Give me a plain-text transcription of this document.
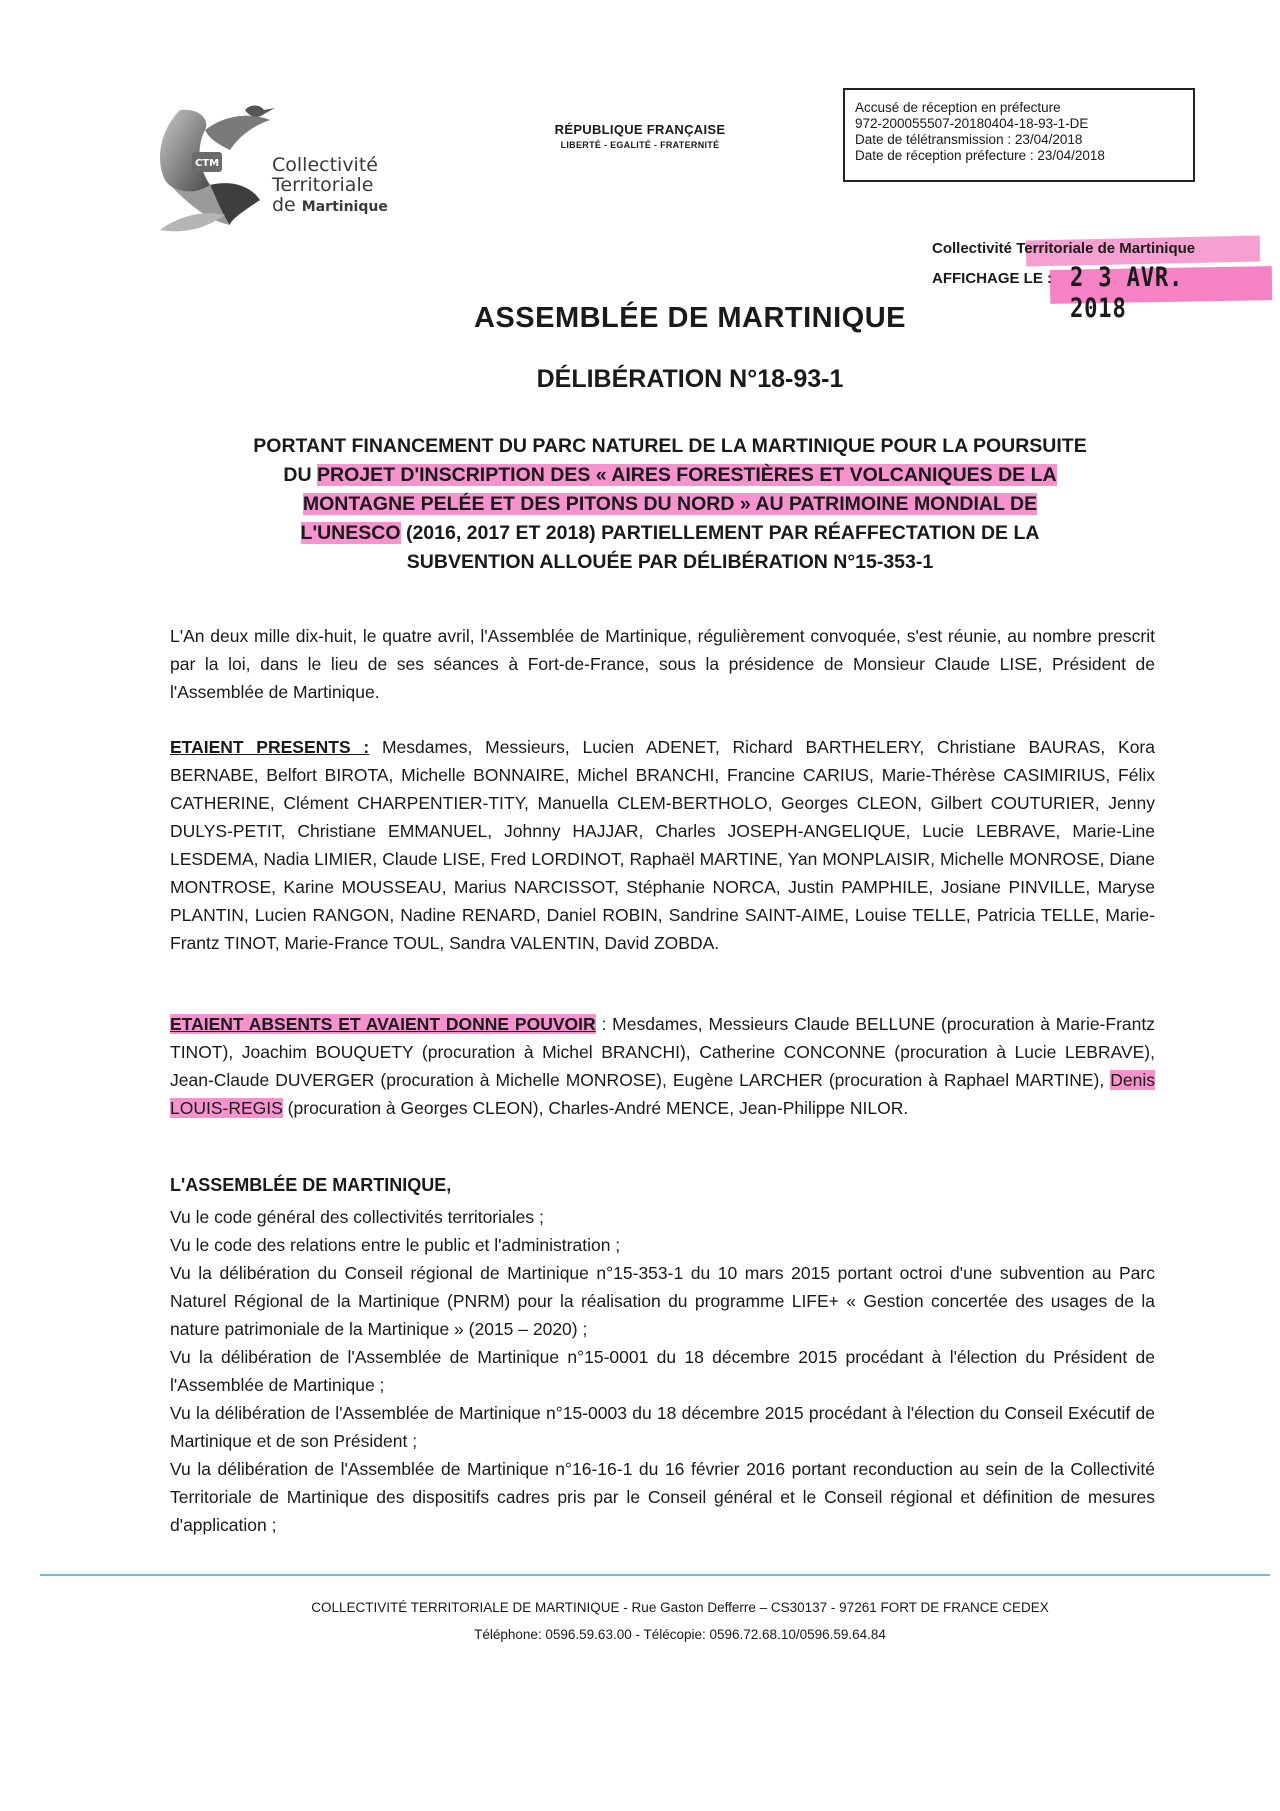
CTM	Collectivité
Territoriale
de Martinique
RÉPUBLIQUE FRANÇAISE
LIBERTÉ - EGALITÉ - FRATERNITÉ
Accusé de réception en préfecture
972-200055507-20180404-18-93-1-DE
Date de télétransmission : 23/04/2018
Date de réception préfecture : 23/04/2018
Collectivité Territoriale de Martinique
AFFICHAGE LE : 2 3 AVR. 2018
ASSEMBLÉE DE MARTINIQUE
DÉLIBÉRATION N°18-93-1
PORTANT FINANCEMENT DU PARC NATUREL DE LA MARTINIQUE POUR LA POURSUITE
DU PROJET D'INSCRIPTION DES « AIRES FORESTIÈRES ET VOLCANIQUES DE LA
MONTAGNE PELÉE ET DES PITONS DU NORD » AU PATRIMOINE MONDIAL DE
L'UNESCO (2016, 2017 ET 2018) PARTIELLEMENT PAR RÉAFFECTATION DE LA
SUBVENTION ALLOUÉE PAR DÉLIBÉRATION N°15-353-1
L'An deux mille dix-huit, le quatre avril, l'Assemblée de Martinique, régulièrement convoquée, s'est réunie, au nombre prescrit par la loi, dans le lieu de ses séances à Fort-de-France, sous la présidence de Monsieur Claude LISE, Président de l'Assemblée de Martinique.
ETAIENT PRESENTS : Mesdames, Messieurs, Lucien ADENET, Richard BARTHELERY, Christiane BAURAS, Kora BERNABE, Belfort BIROTA, Michelle BONNAIRE, Michel BRANCHI, Francine CARIUS, Marie-Thérèse CASIMIRIUS, Félix CATHERINE, Clément CHARPENTIER-TITY, Manuella CLEM-BERTHOLO, Georges CLEON, Gilbert COUTURIER, Jenny DULYS-PETIT, Christiane EMMANUEL, Johnny HAJJAR, Charles JOSEPH-ANGELIQUE, Lucie LEBRAVE, Marie-Line LESDEMA, Nadia LIMIER, Claude LISE, Fred LORDINOT, Raphaël MARTINE, Yan MONPLAISIR, Michelle MONROSE, Diane MONTROSE, Karine MOUSSEAU, Marius NARCISSOT, Stéphanie NORCA, Justin PAMPHILE, Josiane PINVILLE, Maryse PLANTIN, Lucien RANGON, Nadine RENARD, Daniel ROBIN, Sandrine SAINT-AIME, Louise TELLE, Patricia TELLE, Marie-Frantz TINOT, Marie-France TOUL, Sandra VALENTIN, David ZOBDA.
ETAIENT ABSENTS ET AVAIENT DONNE POUVOIR : Mesdames, Messieurs Claude BELLUNE (procuration à Marie-Frantz TINOT), Joachim BOUQUETY (procuration à Michel BRANCHI), Catherine CONCONNE (procuration à Lucie LEBRAVE), Jean-Claude DUVERGER (procuration à Michelle MONROSE), Eugène LARCHER (procuration à Raphael MARTINE), Denis LOUIS-REGIS (procuration à Georges CLEON), Charles-André MENCE, Jean-Philippe NILOR.
L'ASSEMBLÉE DE MARTINIQUE,
Vu le code général des collectivités territoriales ;
Vu le code des relations entre le public et l'administration ;
Vu la délibération du Conseil régional de Martinique n°15-353-1 du 10 mars 2015 portant octroi d'une subvention au Parc Naturel Régional de la Martinique (PNRM) pour la réalisation du programme LIFE+ « Gestion concertée des usages de la nature patrimoniale de la Martinique » (2015 – 2020) ;
Vu la délibération de l'Assemblée de Martinique n°15-0001 du 18 décembre 2015 procédant à l'élection du Président de l'Assemblée de Martinique ;
Vu la délibération de l'Assemblée de Martinique n°15-0003 du 18 décembre 2015 procédant à l'élection du Conseil Exécutif de Martinique et de son Président ;
Vu la délibération de l'Assemblée de Martinique n°16-16-1 du 16 février 2016 portant reconduction au sein de la Collectivité Territoriale de Martinique des dispositifs cadres pris par le Conseil général et le Conseil régional et définition de mesures d'application ;
COLLECTIVITÉ TERRITORIALE DE MARTINIQUE - Rue Gaston Defferre – CS30137 - 97261 FORT DE FRANCE CEDEX
Téléphone: 0596.59.63.00 - Télécopie: 0596.72.68.10/0596.59.64.84
